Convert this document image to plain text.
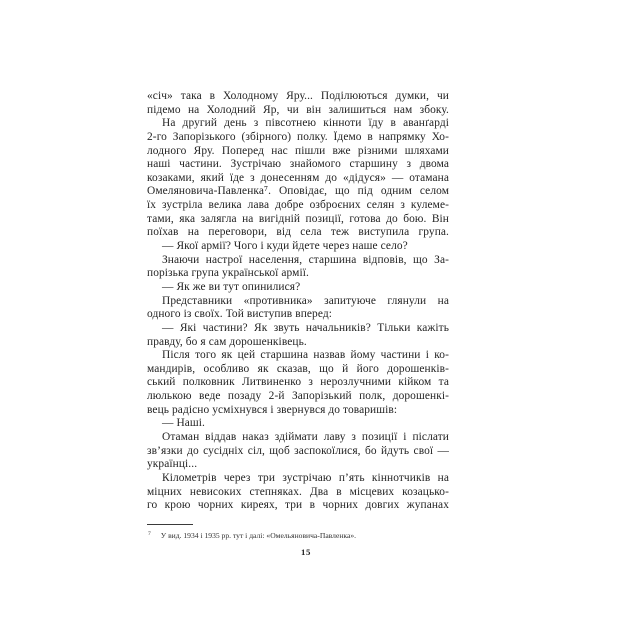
«січ» така в Холодному Яру... Поділюються думки, чи
підемо на Холодний Яр, чи він залишиться нам збоку.
На другий день з півсотнею кінноти їду в аванґарді
2-го Запорізького (збірного) полку. Їдемо в напрямку Хо-
лодного Яру. Поперед нас пішли вже різними шляхами
наші частини. Зустрічаю знайомого старшину з двома
козаками, який їде з донесенням до «дідуся» — отамана
Омеляновича-Павленка⁷. Оповідає, що під одним селом
їх зустріла велика лава добре озброєних селян з кулеме-
тами, яка залягла на вигідній позиції, готова до бою. Він
поїхав на переговори, від села теж виступила група.
— Якої армії? Чого і куди йдете через наше село?
Знаючи настрої населення, старшина відповів, що За-
порізька група української армії.
— Як же ви тут опинилися?
Представники «противника» запитуюче глянули на
одного із своїх. Той виступив вперед:
— Які частини? Як звуть начальників? Тільки кажіть
правду, бо я сам дорошенківець.
Після того як цей старшина назвав йому частини і ко-
мандирів, особливо як сказав, що й його дорошенків-
ський полковник Литвиненко з нерозлучними кійком та
люлькою веде позаду 2-й Запорізький полк, дорошенкі-
вець радісно усміхнувся і звернувся до товаришів:
— Наші.
Отаман віддав наказ здіймати лаву з позиції і післати
зв’язки до сусідніх сіл, щоб заспокоїлися, бо йдуть свої —
українці...
Кілометрів через три зустрічаю п’ять кіннотчиків на
міцних невисоких степняках. Два в місцевих козацько-
го крою чорних киреях, три в чорних довгих жупанах
$^7$ У вид. 1934 і 1935 рр. тут і далі: «Омельяновича-Павленка».
15
